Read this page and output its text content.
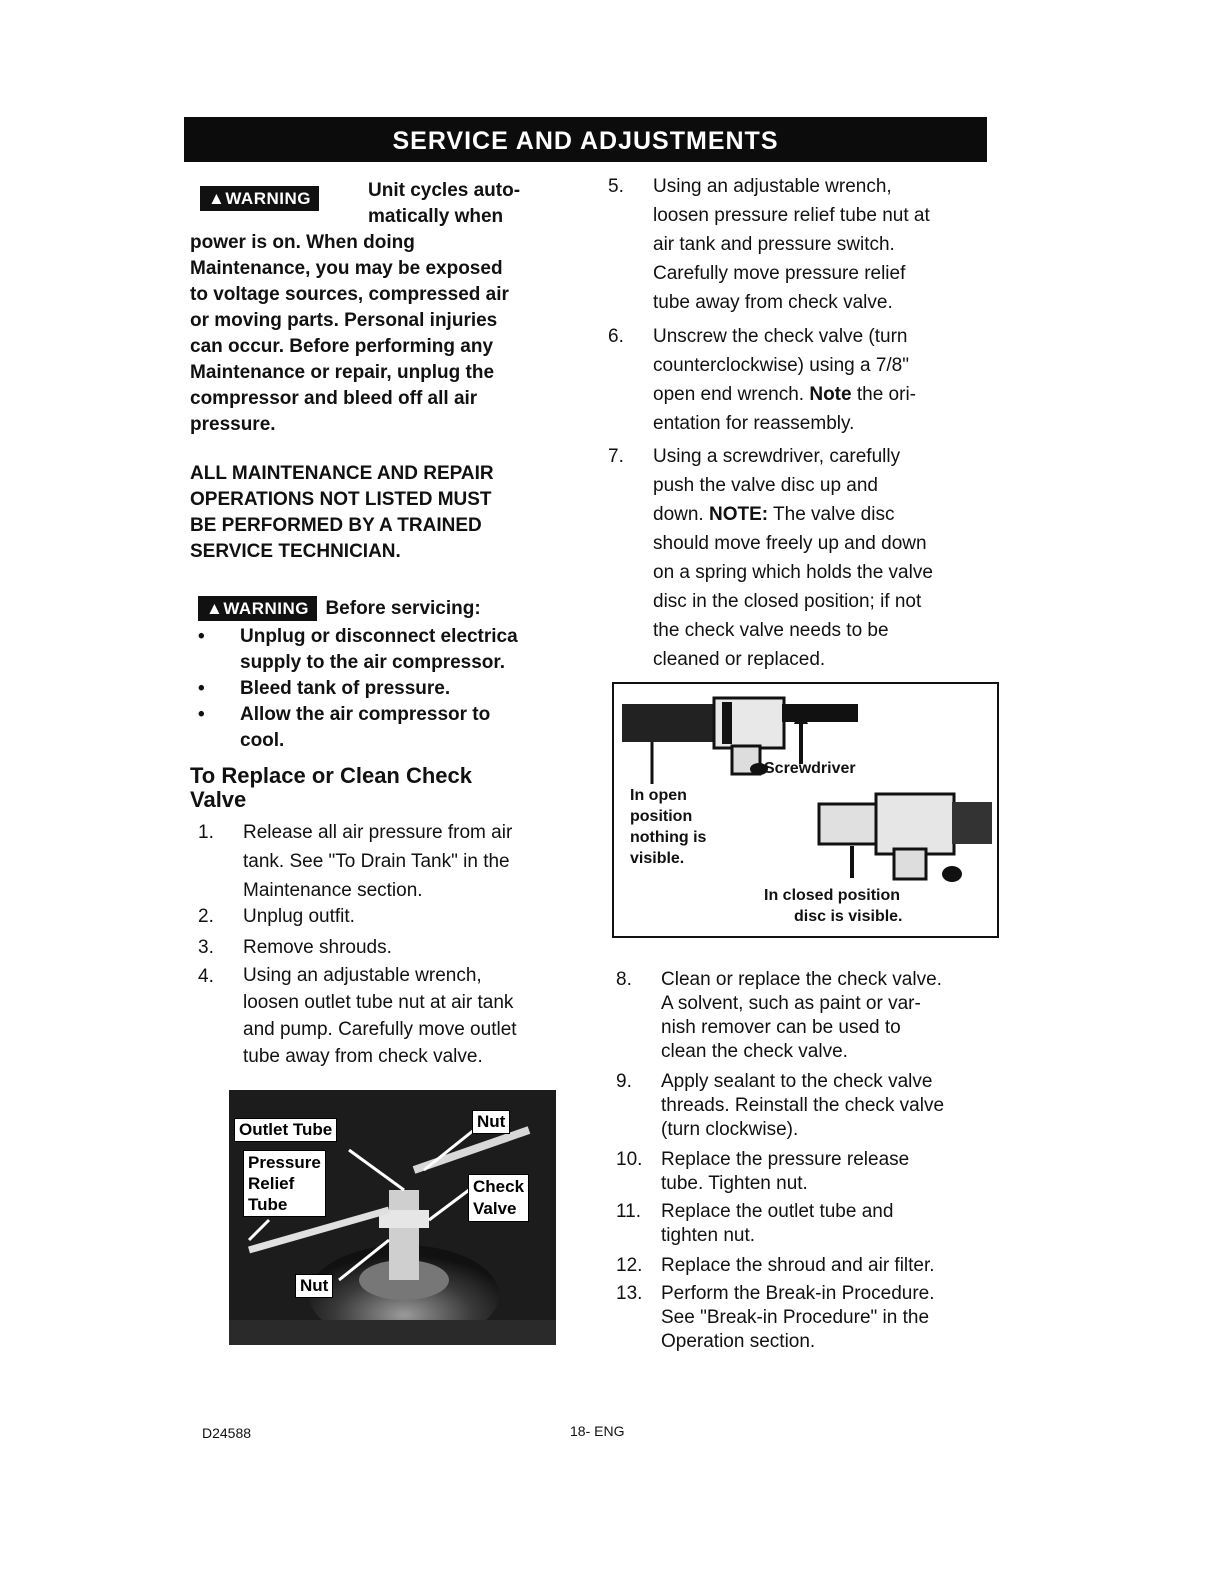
SERVICE AND ADJUSTMENTS
▲WARNING	Unit cycles auto-
matically when
power is on. When doing
Maintenance, you may be exposed
to voltage sources, compressed air
or moving parts. Personal injuries
can occur. Before performing any
Maintenance or repair, unplug the
compressor and bleed off all air
pressure.
ALL MAINTENANCE AND REPAIR
OPERATIONS NOT LISTED MUST
BE PERFORMED BY A TRAINED
SERVICE TECHNICIAN.
▲WARNING Before servicing:
• Unplug or disconnect electrica
supply to the air compressor.
• Bleed tank of pressure.
• Allow the air compressor to
cool.
To Replace or Clean Check
Valve
1.	Release all air pressure from air
tank. See "To Drain Tank" in the
Maintenance section.
2.	Unplug outfit.
3.	Remove shrouds.
4.	Using an adjustable wrench,
loosen outlet tube nut at air tank
and pump. Carefully move outlet
tube away from check valve.
Outlet Tube	Nut
Pressure
Relief
Tube
Check
Valve
Nut
5.	Using an adjustable wrench,
loosen pressure relief tube nut at
air tank and pressure switch.
Carefully move pressure relief
tube away from check valve.
6.	Unscrew the check valve (turn
counterclockwise) using a 7/8"
open end wrench. Note the ori-
entation for reassembly.
7.	Using a screwdriver, carefully
push the valve disc up and
down. NOTE: The valve disc
should move freely up and down
on a spring which holds the valve
disc in the closed position; if not
the check valve needs to be
cleaned or replaced.
Screwdriver
In open
position
nothing is
visible.
In closed position
disc is visible.
8.	Clean or replace the check valve.
A solvent, such as paint or var-
nish remover can be used to
clean the check valve.
9.	Apply sealant to the check valve
threads. Reinstall the check valve
(turn clockwise).
10. Replace the pressure release
tube. Tighten nut.
11. Replace the outlet tube and
tighten nut.
12. Replace the shroud and air filter.
13. Perform the Break-in Procedure.
See "Break-in Procedure" in the
Operation section.
D24588	18- ENG
